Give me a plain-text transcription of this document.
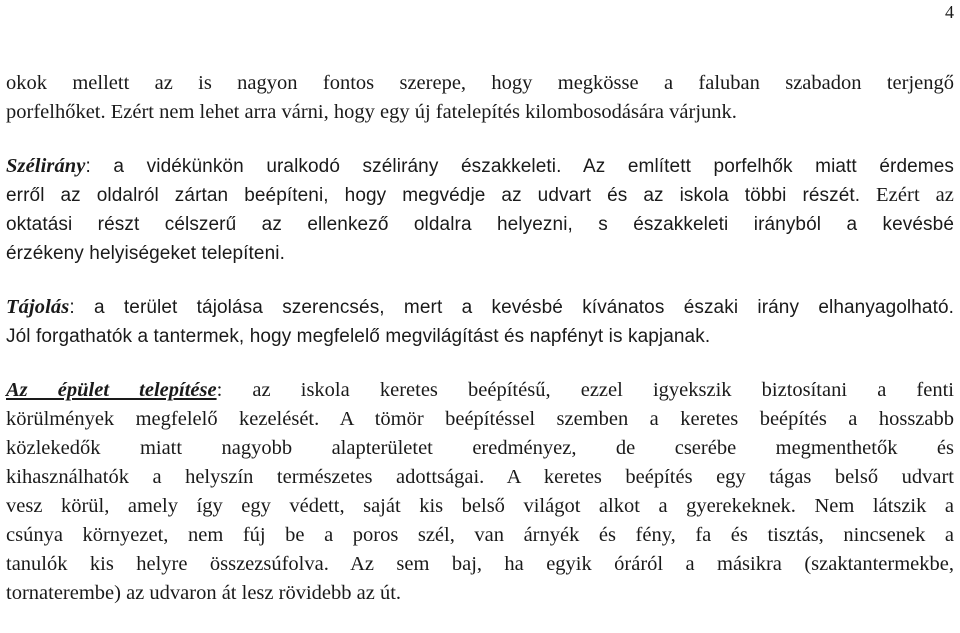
4

okok mellett az is nagyon fontos szerepe, hogy megkösse a faluban szabadon terjengő
porfelhőket. Ezért nem lehet arra várni, hogy egy új fatelepítés kilombosodására várjunk.

Szélirány: a vidékünkön uralkodó szélirány északkeleti. Az említett porfelhők miatt érdemes
erről az oldalról zártan beépíteni, hogy megvédje az udvart és az iskola többi részét. Ezért az
oktatási részt célszerű az ellenkező oldalra helyezni, s északkeleti irányból a kevésbé
érzékeny helyiségeket telepíteni.

Tájolás: a terület tájolása szerencsés, mert a kevésbé kívánatos északi irány elhanyagolható.
Jól forgathatók a tantermek, hogy megfelelő megvilágítást és napfényt is kapjanak.

Az épület telepítése: az iskola keretes beépítésű, ezzel igyekszik biztosítani a fenti
körülmények megfelelő kezelését. A tömör beépítéssel szemben a keretes beépítés a hosszabb
közlekedők miatt nagyobb alapterületet eredményez, de cserébe megmenthetők és
kihasználhatók a helyszín természetes adottságai. A keretes beépítés egy tágas belső udvart
vesz körül, amely így egy védett, saját kis belső világot alkot a gyerekeknek. Nem látszik a
csúnya környezet, nem fúj be a poros szél, van árnyék és fény, fa és tisztás, nincsenek a
tanulók kis helyre összezsúfolva. Az sem baj, ha egyik óráról a másikra (szaktantermekbe,
tornaterembe) az udvaron át lesz rövidebb az út.
